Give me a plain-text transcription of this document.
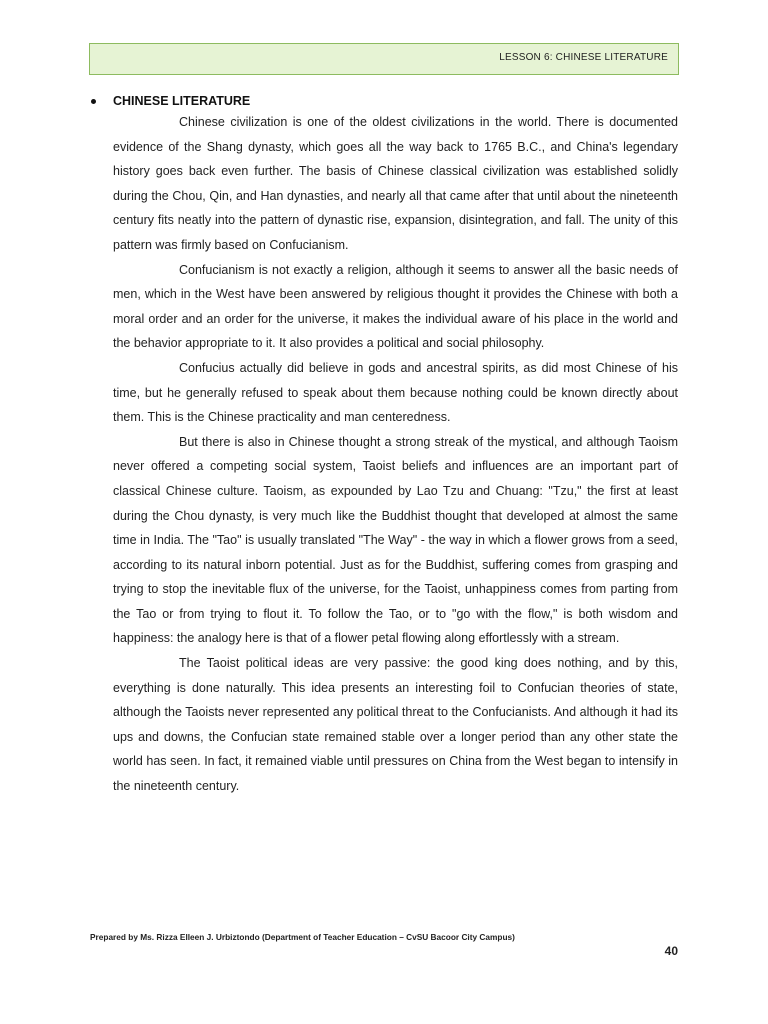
LESSON 6: CHINESE LITERATURE
CHINESE LITERATURE

Chinese civilization is one of the oldest civilizations in the world. There is documented evidence of the Shang dynasty, which goes all the way back to 1765 B.C., and China's legendary history goes back even further. The basis of Chinese classical civilization was established solidly during the Chou, Qin, and Han dynasties, and nearly all that came after that until about the nineteenth century fits neatly into the pattern of dynastic rise, expansion, disintegration, and fall. The unity of this pattern was firmly based on Confucianism.

Confucianism is not exactly a religion, although it seems to answer all the basic needs of men, which in the West have been answered by religious thought it provides the Chinese with both a moral order and an order for the universe, it makes the individual aware of his place in the world and the behavior appropriate to it. It also provides a political and social philosophy.

Confucius actually did believe in gods and ancestral spirits, as did most Chinese of his time, but he generally refused to speak about them because nothing could be known directly about them. This is the Chinese practicality and man centeredness.

But there is also in Chinese thought a strong streak of the mystical, and although Taoism never offered a competing social system, Taoist beliefs and influences are an important part of classical Chinese culture. Taoism, as expounded by Lao Tzu and Chuang: "Tzu," the first at least during the Chou dynasty, is very much like the Buddhist thought that developed at almost the same time in India. The "Tao" is usually translated "The Way" - the way in which a flower grows from a seed, according to its natural inborn potential. Just as for the Buddhist, suffering comes from grasping and trying to stop the inevitable flux of the universe, for the Taoist, unhappiness comes from parting from the Tao or from trying to flout it. To follow the Tao, or to "go with the flow," is both wisdom and happiness: the analogy here is that of a flower petal flowing along effortlessly with a stream.

The Taoist political ideas are very passive: the good king does nothing, and by this, everything is done naturally. This idea presents an interesting foil to Confucian theories of state, although the Taoists never represented any political threat to the Confucianists. And although it had its ups and downs, the Confucian state remained stable over a longer period than any other state the world has seen. In fact, it remained viable until pressures on China from the West began to intensify in the nineteenth century.

Prepared by Ms. Rizza Elleen J. Urbiztondo (Department of Teacher Education – CvSU Bacoor City Campus)
40
